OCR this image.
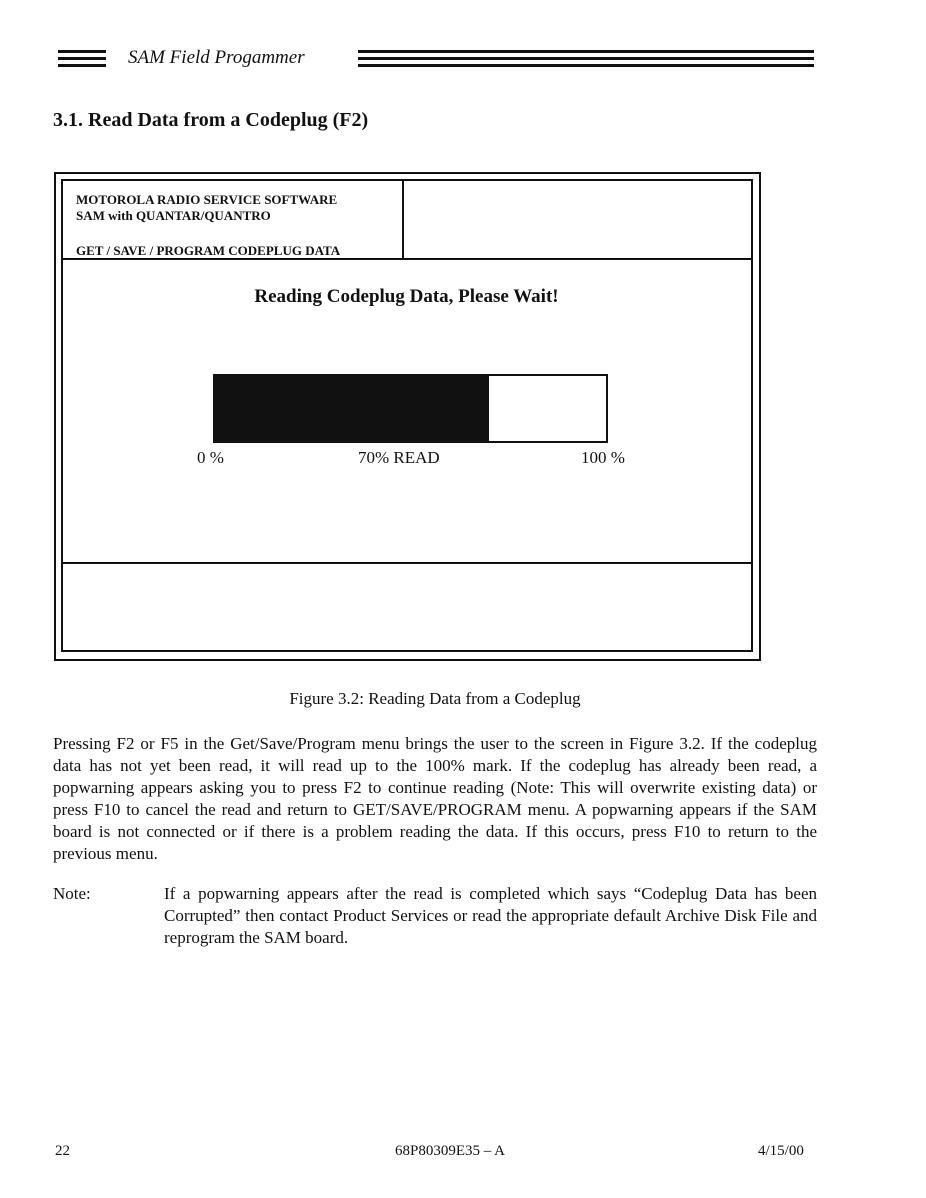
SAM Field Progammer
3.1. Read Data from a Codeplug (F2)
MOTOROLA RADIO SERVICE SOFTWARE
SAM with QUANTAR/QUANTRO
GET / SAVE / PROGRAM CODEPLUG DATA
Reading Codeplug Data, Please Wait!
0 %	70% READ	100 %
Figure 3.2: Reading Data from a Codeplug

Pressing F2 or F5 in the Get/Save/Program menu brings the user to the screen in Figure 3.2. If the codeplug data has not yet been read, it will read up to the 100% mark. If the codeplug has already been read, a popwarning appears asking you to press F2 to continue reading (Note: This will overwrite existing data) or press F10 to cancel the read and return to GET/SAVE/PROGRAM menu. A popwarning appears if the SAM board is not connected or if there is a problem reading the data. If this occurs, press F10 to return to the previous menu.

Note:	If a popwarning appears after the read is completed which says “Codeplug Data has been Corrupted” then contact Product Services or read the appropriate default Archive Disk File and reprogram the SAM board.

22	68P80309E35 – A	4/15/00
